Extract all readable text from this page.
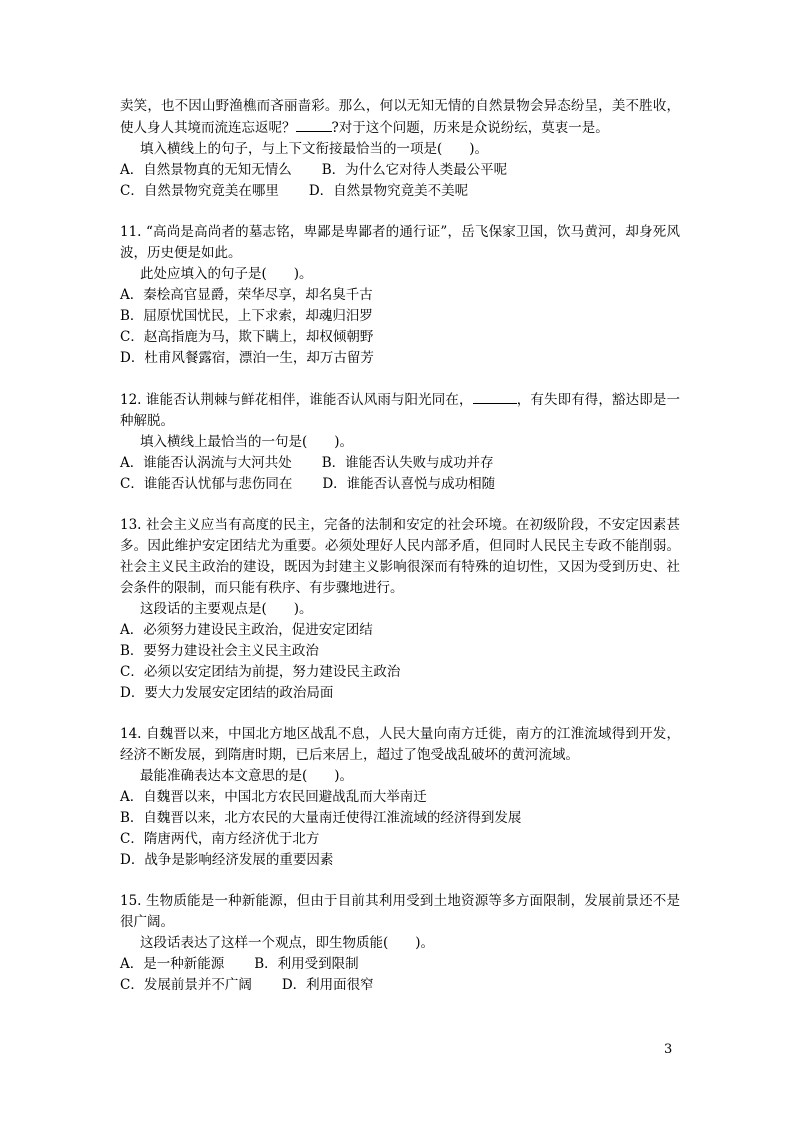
卖笑，也不因山野渔樵而吝丽啬彩。那么，何以无知无情的自然景物会异态纷呈，美不胜收，使人身人其境而流连忘返呢？	?对于这个问题，历来是众说纷纭，莫衷一是。

填入横线上的句子，与上下文衔接最恰当的一项是(　　)。

A．自然景物真的无知无情么 B．为什么它对待人类最公平呢

C．自然景物究竟美在哪里 D．自然景物究竟美不美呢

11. “高尚是高尚者的墓志铭，卑鄙是卑鄙者的通行证”，岳飞保家卫国，饮马黄河，却身死风波，历史便是如此。

此处应填入的句子是(　　)。

A．秦桧高官显爵，荣华尽享，却名臭千古

B．屈原忧国忧民，上下求索，却魂归汨罗

C．赵高指鹿为马，欺下瞒上，却权倾朝野

D．杜甫风餐露宿，漂泊一生，却万古留芳

12. 谁能否认荆棘与鲜花相伴，谁能否认风雨与阳光同在，	，有失即有得，豁达即是一种解脱。

填入横线上最恰当的一句是(　　)。

A．谁能否认涡流与大河共处 B．谁能否认失败与成功并存

C．谁能否认忧郁与悲伤同在 D．谁能否认喜悦与成功相随

13. 社会主义应当有高度的民主，完备的法制和安定的社会环境。在初级阶段，不安定因素甚多。因此维护安定团结尤为重要。必须处理好人民内部矛盾，但同时人民民主专政不能削弱。社会主义民主政治的建设，既因为封建主义影响很深而有特殊的迫切性，又因为受到历史、社会条件的限制，而只能有秩序、有步骤地进行。

这段话的主要观点是(　　)。

A．必须努力建设民主政治，促进安定团结

B．要努力建设社会主义民主政治

C．必须以安定团结为前提，努力建设民主政治

D．要大力发展安定团结的政治局面

14. 自魏晋以来，中国北方地区战乱不息，人民大量向南方迁徙，南方的江淮流域得到开发，经济不断发展，到隋唐时期，已后来居上，超过了饱受战乱破坏的黄河流域。

最能准确表达本文意思的是(　　)。

A．自魏晋以来，中国北方农民回避战乱而大举南迁

B．自魏晋以来，北方农民的大量南迁使得江淮流域的经济得到发展

C．隋唐两代，南方经济优于北方

D．战争是影响经济发展的重要因素

15. 生物质能是一种新能源，但由于目前其利用受到土地资源等多方面限制，发展前景还不是很广阔。

这段话表达了这样一个观点，即生物质能(　　)。

A．是一种新能源 B．利用受到限制

C．发展前景并不广阔 D．利用面很窄

3
